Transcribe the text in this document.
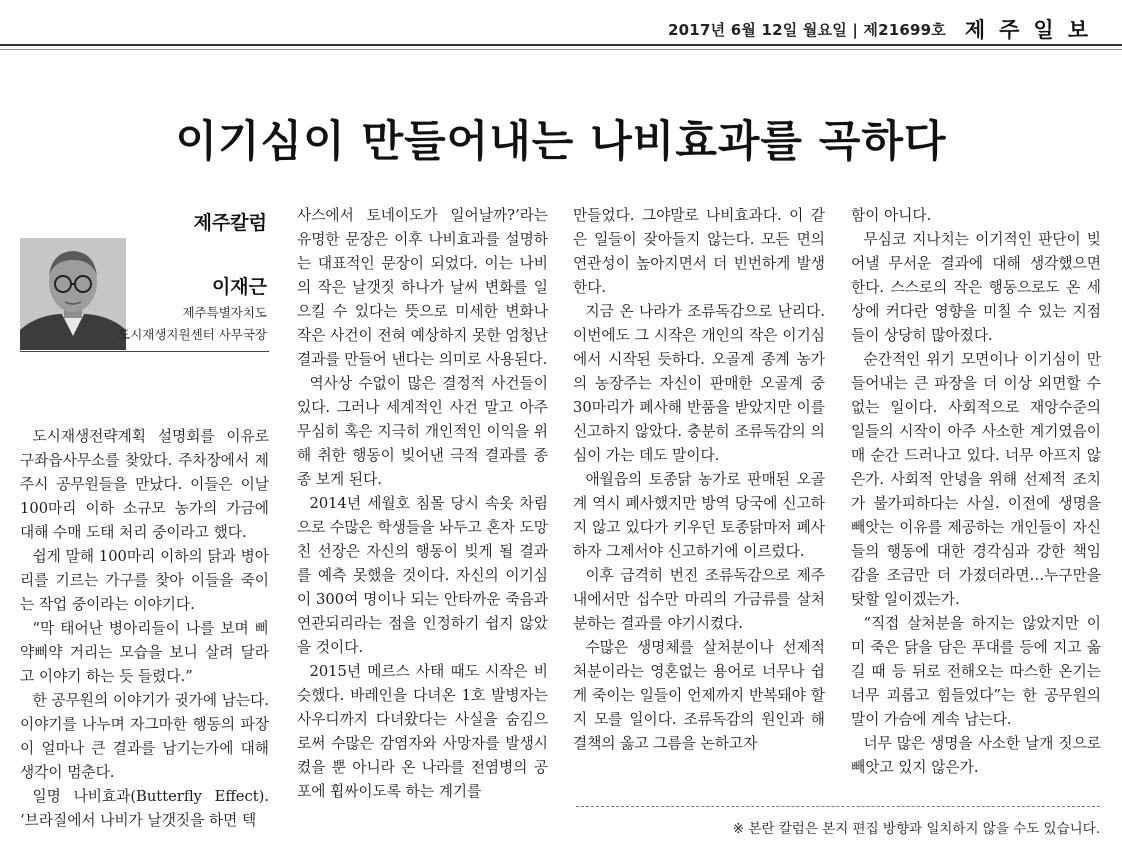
2017년 6월 12일 월요일 | 제21699호 제주일보
이기심이 만들어내는 나비효과를 곡하다
제주칼럼
이재근
제주특별자치도
도시재생지원센터 사무국장

도시재생전략계획 설명회를 이유로 구좌읍사무소를 찾았다. 주차장에서 제주시 공무원들을 만났다. 이들은 이날 100마리 이하 소규모 농가의 가금에 대해 수매 도태 처리 중이라고 했다.

쉽게 말해 100마리 이하의 닭과 병아리를 기르는 가구를 찾아 이들을 죽이는 작업 중이라는 이야기다.

“막 태어난 병아리들이 나를 보며 삐약삐약 거리는 모습을 보니 살려 달라고 이야기 하는 듯 들렸다.”

한 공무원의 이야기가 귓가에 남는다. 이야기를 나누며 자그마한 행동의 파장이 얼마나 큰 결과를 남기는가에 대해 생각이 멈춘다.

일명 나비효과(Butterfly Effect). ‘브라질에서 나비가 날갯짓을 하면 텍

사스에서 토네이도가 일어날까?’라는 유명한 문장은 이후 나비효과를 설명하는 대표적인 문장이 되었다. 이는 나비의 작은 날갯짓 하나가 날씨 변화를 일으킬 수 있다는 뜻으로 미세한 변화나 작은 사건이 전혀 예상하지 못한 엄청난 결과를 만들어 낸다는 의미로 사용된다.

역사상 수없이 많은 결정적 사건들이 있다. 그러나 세계적인 사건 말고 아주 무심히 혹은 지극히 개인적인 이익을 위해 취한 행동이 빚어낸 극적 결과를 종종 보게 된다.

2014년 세월호 침몰 당시 속옷 차림으로 수많은 학생들을 놔두고 혼자 도망친 선장은 자신의 행동이 빚게 될 결과를 예측 못했을 것이다. 자신의 이기심이 300여 명이나 되는 안타까운 죽음과 연관되리라는 점을 인정하기 쉽지 않았을 것이다.

2015년 메르스 사태 때도 시작은 비슷했다. 바레인을 다녀온 1호 발병자는 사우디까지 다녀왔다는 사실을 숨김으로써 수많은 감염자와 사망자를 발생시켰을 뿐 아니라 온 나라를 전염병의 공포에 휩싸이도록 하는 계기를

만들었다. 그야말로 나비효과다. 이 같은 일들이 잦아들지 않는다. 모든 면의 연관성이 높아지면서 더 빈번하게 발생한다.

지금 온 나라가 조류독감으로 난리다. 이번에도 그 시작은 개인의 작은 이기심에서 시작된 듯하다. 오골계 종계 농가의 농장주는 자신이 판매한 오골계 중 30마리가 폐사해 반품을 받았지만 이를 신고하지 않았다. 충분히 조류독감의 의심이 가는 데도 말이다.

애월읍의 토종닭 농가로 판매된 오골계 역시 폐사했지만 방역 당국에 신고하지 않고 있다가 키우던 토종닭마저 폐사하자 그제서야 신고하기에 이르렀다.

이후 급격히 번진 조류독감으로 제주 내에서만 십수만 마리의 가금류를 살처분하는 결과를 야기시켰다.

수많은 생명체를 살처분이나 선제적 처분이라는 영혼없는 용어로 너무나 쉽게 죽이는 일들이 언제까지 반복돼야 할지 모를 일이다. 조류독감의 원인과 해결책의 옳고 그름을 논하고자

함이 아니다.

무심코 지나치는 이기적인 판단이 빚어낼 무서운 결과에 대해 생각했으면 한다. 스스로의 작은 행동으로도 온 세상에 커다란 영향을 미칠 수 있는 지점들이 상당히 많아졌다.

순간적인 위기 모면이나 이기심이 만들어내는 큰 파장을 더 이상 외면할 수 없는 일이다. 사회적으로 재앙수준의 일들의 시작이 아주 사소한 계기였음이 매 순간 드러나고 있다. 너무 아프지 않은가. 사회적 안녕을 위해 선제적 조치가 불가피하다는 사실. 이전에 생명을 빼앗는 이유를 제공하는 개인들이 자신들의 행동에 대한 경각심과 강한 책임감을 조금만 더 가졌더라면…누구만을 탓할 일이겠는가.

“직접 살처분을 하지는 않았지만 이미 죽은 닭을 담은 푸대를 등에 지고 옮길 때 등 뒤로 전해오는 따스한 온기는 너무 괴롭고 힘들었다”는 한 공무원의 말이 가슴에 계속 남는다.

너무 많은 생명을 사소한 날개 짓으로 빼앗고 있지 않은가.

※ 본란 칼럼은 본지 편집 방향과 일치하지 않을 수도 있습니다.
